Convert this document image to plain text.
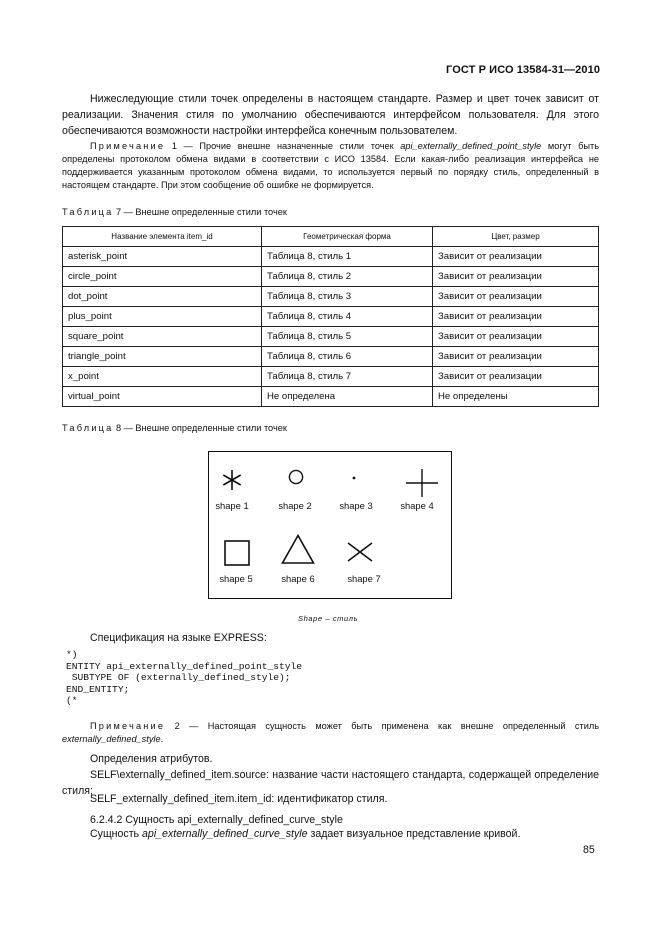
ГОСТ Р ИСО 13584-31—2010
Нижеследующие стили точек определены в настоящем стандарте. Размер и цвет точек зависит от реализации. Значения стиля по умолчанию обеспечиваются интерфейсом пользователя. Для этого обеспечиваются возможности настройки интерфейса конечным пользователем.
Примечание 1 — Прочие внешне назначенные стили точек api_externally_defined_point_style могут быть определены протоколом обмена видами в соответствии с ИСО 13584. Если какая-либо реализация интерфейса не поддерживается указанным протоколом обмена видами, то используется первый по порядку стиль, определенный в настоящем стандарте. При этом сообщение об ошибке не формируется.
Таблица 7 — Внешне определенные стили точек
Название элемента item_id	Геометрическая форма	Цвет, размер
asterisk_point	Таблица 8, стиль 1	Зависит от реализации
circle_point	Таблица 8, стиль 2	Зависит от реализации
dot_point	Таблица 8, стиль 3	Зависит от реализации
plus_point	Таблица 8, стиль 4	Зависит от реализации
square_point	Таблица 8, стиль 5	Зависит от реализации
triangle_point	Таблица 8, стиль 6	Зависит от реализации
x_point	Таблица 8, стиль 7	Зависит от реализации
virtual_point	Не определена	Не определены
Таблица 8 — Внешне определенные стили точек
shape 1	shape 2	shape 3	shape 4
shape 5	shape 6	shape 7
Shape – стиль
Спецификация на языке EXPRESS:
*)
ENTITY api_externally_defined_point_style
SUBTYPE OF (externally_defined_style);
END_ENTITY;
(*
Примечание 2 — Настоящая сущность может быть применена как внешне определенный стиль externally_defined_style.
Определения атрибутов.
SELF\externally_defined_item.source: название части настоящего стандарта, содержащей определение стиля;
SELF_externally_defined_item.item_id: идентификатор стиля.
6.2.4.2 Сущность api_externally_defined_curve_style
Сущность api_externally_defined_curve_style задает визуальное представление кривой.
85
